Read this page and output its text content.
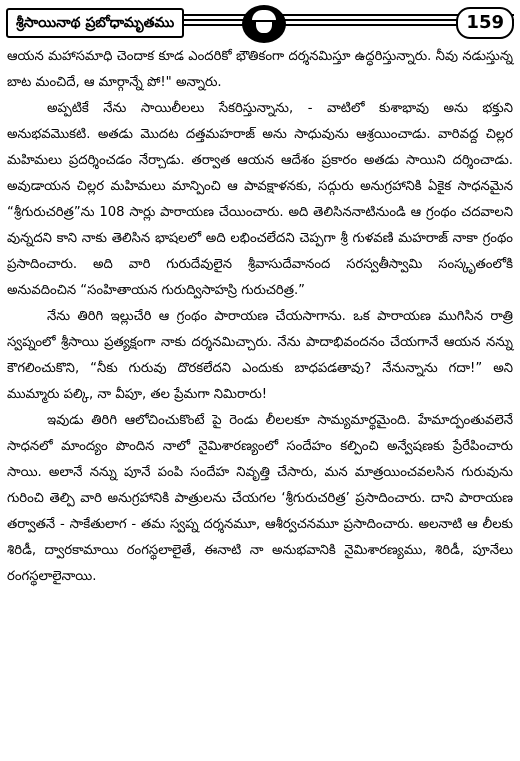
శ్రీసాయినాథ ప్రబోధామృతము	159

ఆయన మహాసమాధి చెందాక కూడ ఎందరికో భౌతికంగా దర్శనమిస్తూ ఉద్ధరిస్తున్నారు. నీవు నడుస్తున్న బాట మంచిదే, ఆ మార్గాన్నే పో!" అన్నారు.

అప్పటికే నేను సాయిలీలలు సేకరిస్తున్నాను, - వాటిలో కుశాభావు అను భక్తుని అనుభవమొకటి. అతడు మొదట దత్తమహరాజ్ అను సాధువును ఆశ్రయించాడు. వారివద్ద చిల్లర మహిమలు ప్రదర్శించడం నేర్చాడు. తర్వాత ఆయన ఆదేశం ప్రకారం అతడు సాయిని దర్శించాడు. అవుడాయన చిల్లర మహిమలు మాన్పించి ఆ పావక్షాళనకు, సద్గురు అనుగ్రహానికి ఏకైక సాధనమైన “శ్రీగురుచరిత్ర”ను 108 సార్లు పారాయణ చేయించారు. అది తెలిసిననాటినుండి ఆ గ్రంథం చదవాలని వున్నదని కాని నాకు తెలిసిన భాషలలో అది లభించలేదని చెప్పగా శ్రీ గుళవణి మహరాజ్ నాకా గ్రంథం ప్రసాదించారు. అది వారి గురుదేవులైన శ్రీవాసుదేవానంద సరస్వతీస్వామి సంస్కృతంలోకి అనువదించిన “సంహితాయన గురుద్విసాహస్రి గురుచరిత్ర.”

నేను తిరిగి ఇల్లుచేరి ఆ గ్రంథం పారాయణ చేయసాగాను. ఒక పారాయణ ముగిసిన రాత్రి స్వప్నంలో శ్రీసాయి ప్రత్యక్షంగా నాకు దర్శనమిచ్చారు. నేను పాదాభివందనం చేయగానే ఆయన నన్ను కౌగలించుకొని, “నీకు గురువు దొరకలేదని ఎందుకు బాధపడతావు? నేనున్నాను గదా!” అని ముమ్మారు పల్కి, నా వీపూ, తల ప్రేమగా నిమిరారు!

ఇవుడు తిరిగి ఆలోచించుకొంటే పై రెండు లీలలకూ సామ్యమార్థమైంది. హేమాద్పంతువలెనే సాధనలో మాంద్యం పొందిన నాలో నైమిశారణ్యంలో సందేహం కల్పించి అన్వేషణకు ప్రేరేపించారు సాయి. అలానే నన్ను పూనే పంపి సందేహ నివృత్తి చేసారు, మన మాత్రయించవలసిన గురువును గురించి తెల్పి వారి అనుగ్రహానికి పాత్రులను చేయగల ‘శ్రీగురుచరిత్ర’ ప్రసాదించారు. దాని పారాయణ తర్వాతనే - సాకేతులాగ - తమ స్వప్న దర్శనమూ, ఆశీర్వచనమూ ప్రసాదించారు. అలనాటి ఆ లీలకు శిరిడీ, ద్వారకామాయి రంగస్థలాలైతే, ఈనాటి నా అనుభవానికి నైమిశారణ్యము, శిరిడీ, పూనేలు రంగస్థలాలైనాయి.
